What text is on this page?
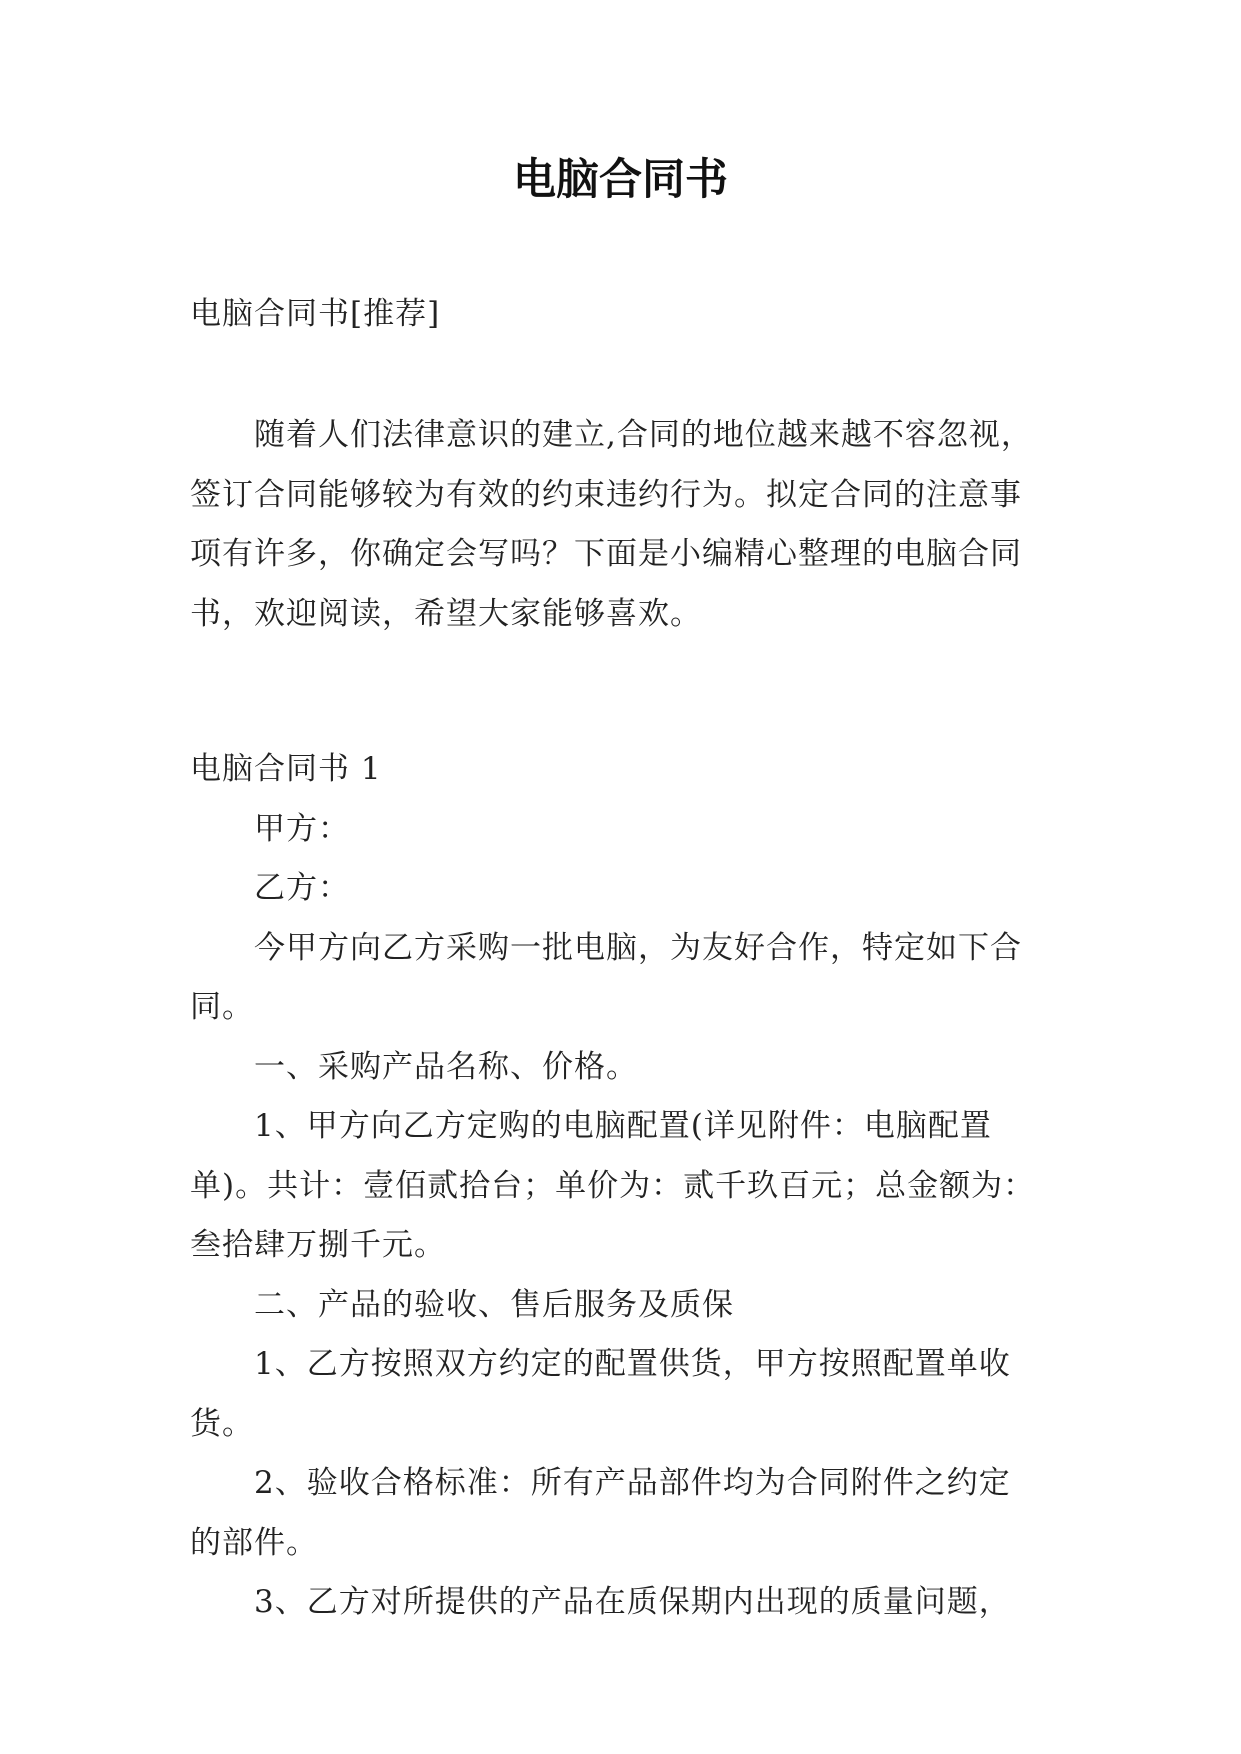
电脑合同书
电脑合同书[推荐]

随着人们法律意识的建立,合同的地位越来越不容忽视，

签订合同能够较为有效的约束违约行为。拟定合同的注意事

项有许多，你确定会写吗？下面是小编精心整理的电脑合同

书，欢迎阅读，希望大家能够喜欢。

电脑合同书 1

甲方：

乙方：

今甲方向乙方采购一批电脑，为友好合作，特定如下合

同。

一、采购产品名称、价格。

1、甲方向乙方定购的电脑配置(详见附件：电脑配置

单)。共计：壹佰贰拾台；单价为：贰千玖百元；总金额为：

叁拾肆万捌千元。

二、产品的验收、售后服务及质保

1、乙方按照双方约定的配置供货，甲方按照配置单收

货。

2、验收合格标准：所有产品部件均为合同附件之约定

的部件。

3、乙方对所提供的产品在质保期内出现的质量问题，
